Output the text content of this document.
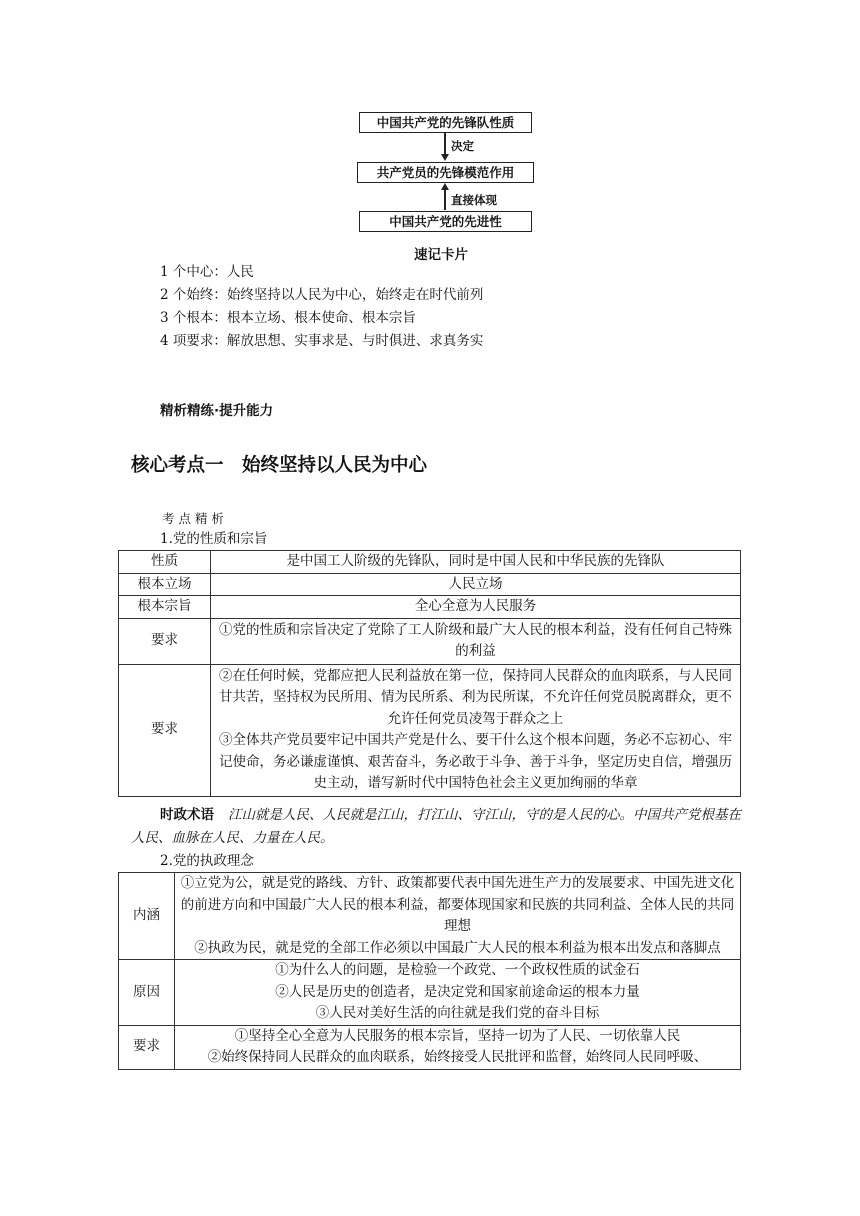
中国共产党的先锋队性质
决定
共产党员的先锋模范作用
直接体现
中国共产党的先进性
速记卡片
1 个中心：人民
2 个始终：始终坚持以人民为中心，始终走在时代前列
3 个根本：根本立场、根本使命、根本宗旨
4 项要求：解放思想、实事求是、与时俱进、求真务实
精析精练·提升能力
核心考点一　始终坚持以人民为中心
考 点 精 析
1.党的性质和宗旨
性质	是中国工人阶级的先锋队，同时是中国人民和中华民族的先锋队
根本立场	人民立场
根本宗旨	全心全意为人民服务
要求	①党的性质和宗旨决定了党除了工人阶级和最广大人民的根本利益，没有任何自己特殊的利益
要求	②在任何时候，党都应把人民利益放在第一位，保持同人民群众的血肉联系，与人民同甘共苦，坚持权为民所用、情为民所系、利为民所谋，不允许任何党员脱离群众，更不允许任何党员凌驾于群众之上
③全体共产党员要牢记中国共产党是什么、要干什么这个根本问题，务必不忘初心、牢记使命，务必谦虚谨慎、艰苦奋斗，务必敢于斗争、善于斗争，坚定历史自信，增强历史主动，谱写新时代中国特色社会主义更加绚丽的华章
时政术语 江山就是人民、人民就是江山，打江山、守江山，守的是人民的心。中国共产党根基在人民、血脉在人民、力量在人民。
2.党的执政理念
内涵	①立党为公，就是党的路线、方针、政策都要代表中国先进生产力的发展要求、中国先进文化的前进方向和中国最广大人民的根本利益，都要体现国家和民族的共同利益、全体人民的共同理想
②执政为民，就是党的全部工作必须以中国最广大人民的根本利益为根本出发点和落脚点

原因	①为什么人的问题，是检验一个政党、一个政权性质的试金石
②人民是历史的创造者，是决定党和国家前途命运的根本力量
③人民对美好生活的向往就是我们党的奋斗目标

要求	①坚持全心全意为人民服务的根本宗旨，坚持一切为了人民、一切依靠人民
②始终保持同人民群众的血肉联系，始终接受人民批评和监督，始终同人民同呼吸、
